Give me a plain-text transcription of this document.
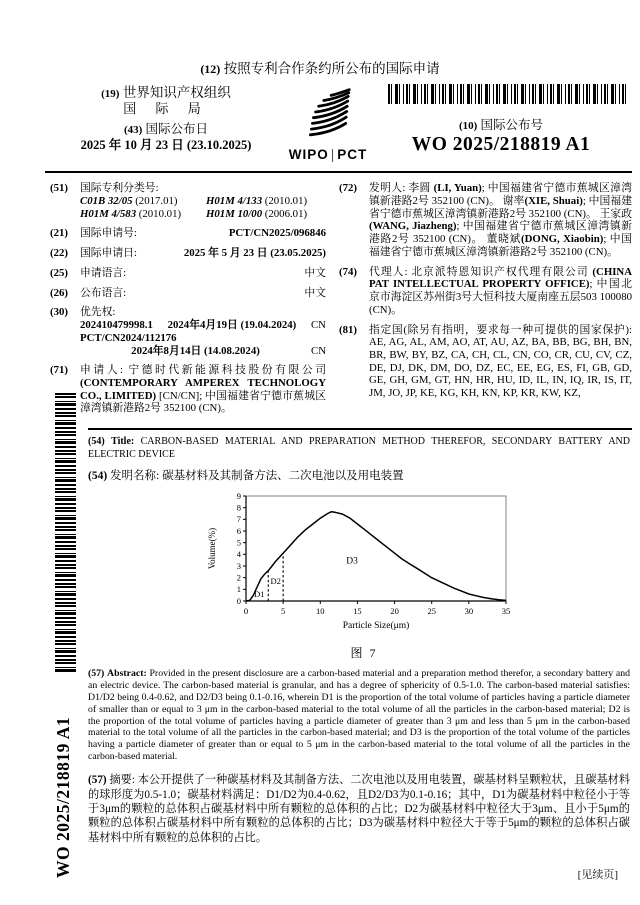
(12) 按照专利合作条约所公布的国际申请
(19) 世界知识产权组织
国 际 局
(43) 国际公布日
2025 年 10 月 23 日 (23.10.2025)
WIPO | PCT
(10) 国际公布号
WO 2025/218819 A1
(51)	国际专利分类号:
C01B 32/05 (2017.01)	H01M 4/133 (2010.01)
H01M 4/583 (2010.01)	H01M 10/00 (2006.01)
(21)	国际申请号:	PCT/CN2025/096846
(22)	国际申请日:	2025 年 5 月 23 日 (23.05.2025)
(25)	申请语言:	中文
(26)	公布语言:	中文
(30)	优先权:
202410479998.1 2024年4月19日 (19.04.2024) CN
PCT/CN2024/112176
2024年8月14日 (14.08.2024)	CN
(71)	申请人: 宁德时代新能源科技股份有限公司 (CONTEMPORARY AMPEREX TECHNOLOGY CO., LIMITED) [CN/CN]; 中国福建省宁德市蕉城区漳湾镇新港路2号 352100 (CN)。
(72)	发明人: 李圆 (LI, Yuan); 中国福建省宁德市蕉城区漳湾镇新港路2号 352100 (CN)。 谢率(XIE, Shuai); 中国福建省宁德市蕉城区漳湾镇新港路2号 352100 (CN)。 王家政(WANG, Jiazheng); 中国福建省宁德市蕉城区漳湾镇新港路2号 352100 (CN)。 董晓斌(DONG, Xiaobin); 中国福建省宁德市蕉城区漳湾镇新港路2号 352100 (CN)。
(74)	代理人: 北京派特恩知识产权代理有限公司 (CHINA PAT INTELLECTUAL PROPERTY OFFICE); 中国北京市海淀区苏州街3号大恒科技大厦南座五层503 100080 (CN)。
(81)	指定国(除另有指明，要求每一种可提供的国家保护): AE, AG, AL, AM, AO, AT, AU, AZ, BA, BB, BG, BH, BN, BR, BW, BY, BZ, CA, CH, CL, CN, CO, CR, CU, CV, CZ, DE, DJ, DK, DM, DO, DZ, EC, EE, EG, ES, FI, GB, GD, GE, GH, GM, GT, HN, HR, HU, ID, IL, IN, IQ, IR, IS, IT, JM, JO, JP, KE, KG, KH, KN, KP, KR, KW, KZ,
(54) Title: CARBON-BASED MATERIAL AND PREPARATION METHOD THEREFOR, SECONDARY BATTERY AND ELECTRIC DEVICE
(54) 发明名称: 碳基材料及其制备方法、二次电池以及用电装置
0	5	10	15	20	25	30	35
0
1
2
3
4
5
6
7
8
9
D1
D2
D3
Particle Size(μm)
Volume(%)
图 7
(57) Abstract: Provided in the present disclosure are a carbon-based material and a preparation method therefor, a secondary battery and an electric device. The carbon-based material is granular, and has a degree of sphericity of 0.5-1.0. The carbon-based material satisfies: D1/D2 being 0.4-0.62, and D2/D3 being 0.1-0.16, wherein D1 is the proportion of the total volume of particles having a particle diameter of smaller than or equal to 3 μm in the carbon-based material to the total volume of all the particles in the carbon-based material; D2 is the proportion of the total volume of particles having a particle diameter of greater than 3 μm and less than 5 μm in the carbon-based material to the total volume of all the particles in the carbon-based material; and D3 is the proportion of the total volume of the particles having a particle diameter of greater than or equal to 5 μm in the carbon-based material to the total volume of all the particles in the carbon-based material.
(57) 摘要: 本公开提供了一种碳基材料及其制备方法、二次电池以及用电装置，碳基材料呈颗粒状，且碳基材料的球形度为0.5-1.0；碳基材料满足：D1/D2为0.4-0.62，且D2/D3为0.1-0.16；其中，D1为碳基材料中粒径小于等于3μm的颗粒的总体积占碳基材料中所有颗粒的总体积的占比；D2为碳基材料中粒径大于3μm、且小于5μm的颗粒的总体积占碳基材料中所有颗粒的总体积的占比；D3为碳基材料中粒径大于等于5μm的颗粒的总体积占碳基材料中所有颗粒的总体积的占比。
WO 2025/218819 A1	[见续页]
